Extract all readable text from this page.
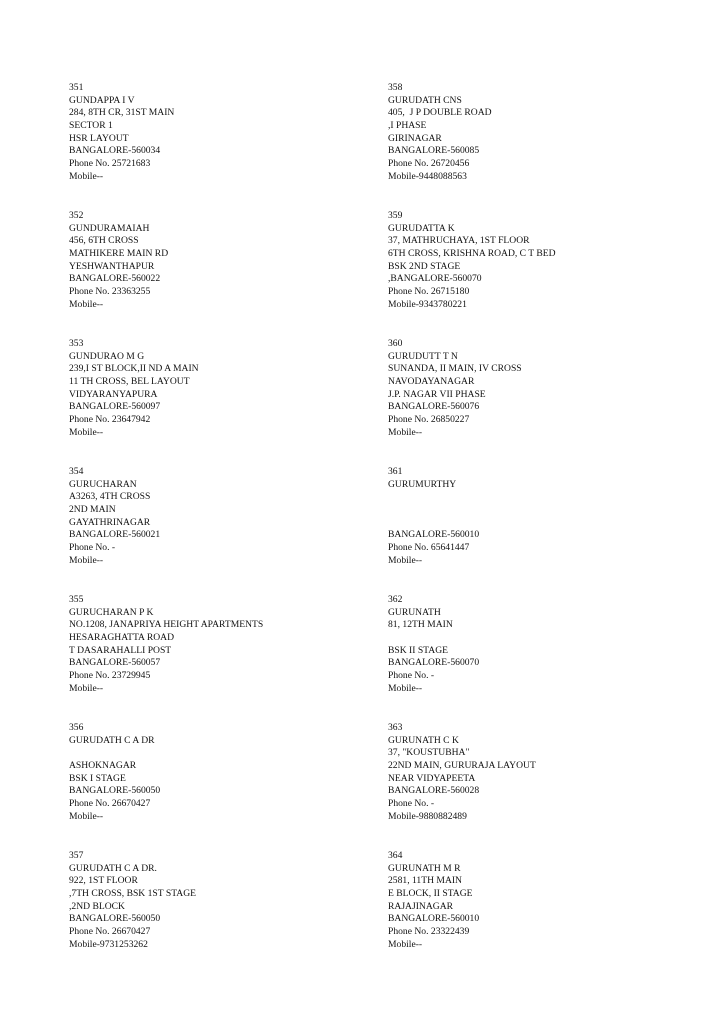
351
GUNDAPPA I V
284, 8TH CR, 31ST MAIN
SECTOR 1
HSR LAYOUT
BANGALORE-560034
Phone No. 25721683
Mobile--
352
GUNDURAMAIAH
456, 6TH CROSS
MATHIKERE MAIN RD
YESHWANTHAPUR
BANGALORE-560022
Phone No. 23363255
Mobile--
353
GUNDURAO M G
239,I ST BLOCK,II ND A MAIN
11 TH CROSS, BEL LAYOUT
VIDYARANYAPURA
BANGALORE-560097
Phone No. 23647942
Mobile--
354
GURUCHARAN
A3263, 4TH CROSS
2ND MAIN
GAYATHRINAGAR
BANGALORE-560021
Phone No. -
Mobile--
355
GURUCHARAN P K
NO.1208, JANAPRIYA HEIGHT APARTMENTS
HESARAGHATTA ROAD
T DASARAHALLI POST
BANGALORE-560057
Phone No. 23729945
Mobile--
356
GURUDATH C A DR
ASHOKNAGAR
BSK I STAGE
BANGALORE-560050
Phone No. 26670427
Mobile--
357
GURUDATH C A DR.
922, 1ST FLOOR
,7TH CROSS, BSK 1ST STAGE
,2ND BLOCK
BANGALORE-560050
Phone No. 26670427
Mobile-9731253262
358
GURUDATH CNS
405,  J P DOUBLE ROAD
,I PHASE
GIRINAGAR
BANGALORE-560085
Phone No. 26720456
Mobile-9448088563
359
GURUDATTA K
37, MATHRUCHAYA, 1ST FLOOR
6TH CROSS, KRISHNA ROAD, C T BED
BSK 2ND STAGE
,BANGALORE-560070
Phone No. 26715180
Mobile-9343780221
360
GURUDUTT T N
SUNANDA, II MAIN, IV CROSS
NAVODAYANAGAR
J.P. NAGAR VII PHASE
BANGALORE-560076
Phone No. 26850227
Mobile--
361
GURUMURTHY
BANGALORE-560010
Phone No. 65641447
Mobile--
362
GURUNATH
81, 12TH MAIN
BSK II STAGE
BANGALORE-560070
Phone No. -
Mobile--
363
GURUNATH C K
37, "KOUSTUBHA"
22ND MAIN, GURURAJA LAYOUT
NEAR VIDYAPEETA
BANGALORE-560028
Phone No. -
Mobile-9880882489
364
GURUNATH M R
2581, 11TH MAIN
E BLOCK, II STAGE
RAJAJINAGAR
BANGALORE-560010
Phone No. 23322439
Mobile--
